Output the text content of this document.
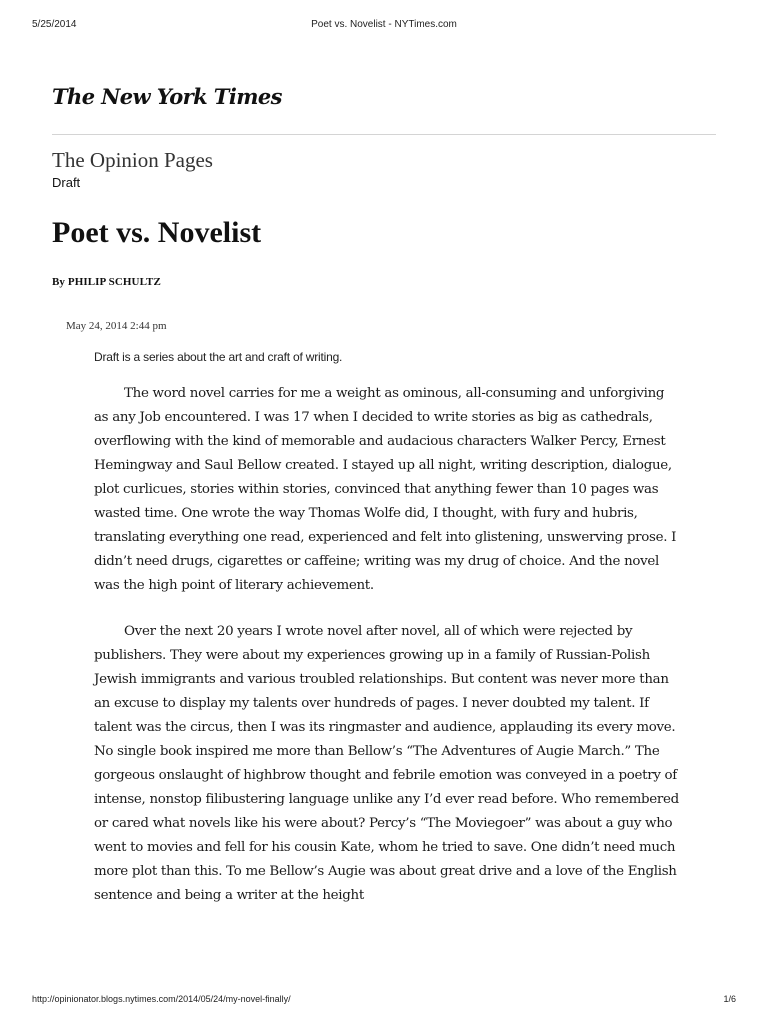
5/25/2014	Poet vs. Novelist - NYTimes.com
The New York Times
The Opinion Pages
Draft
Poet vs. Novelist
By PHILIP SCHULTZ
May 24, 2014 2:44 pm

Draft is a series about the art and craft of writing.

The word novel carries for me a weight as ominous, all-consuming and unforgiving as any Job encountered. I was 17 when I decided to write stories as big as cathedrals, overflowing with the kind of memorable and audacious characters Walker Percy, Ernest Hemingway and Saul Bellow created. I stayed up all night, writing description, dialogue, plot curlicues, stories within stories, convinced that anything fewer than 10 pages was wasted time. One wrote the way Thomas Wolfe did, I thought, with fury and hubris, translating everything one read, experienced and felt into glistening, unswerving prose. I didn’t need drugs, cigarettes or caffeine; writing was my drug of choice. And the novel was the high point of literary achievement.

Over the next 20 years I wrote novel after novel, all of which were rejected by publishers. They were about my experiences growing up in a family of Russian-Polish Jewish immigrants and various troubled relationships. But content was never more than an excuse to display my talents over hundreds of pages. I never doubted my talent. If talent was the circus, then I was its ringmaster and audience, applauding its every move. No single book inspired me more than Bellow’s “The Adventures of Augie March.” The gorgeous onslaught of highbrow thought and febrile emotion was conveyed in a poetry of intense, nonstop filibustering language unlike any I’d ever read before. Who remembered or cared what novels like his were about? Percy’s “The Moviegoer” was about a guy who went to movies and fell for his cousin Kate, whom he tried to save. One didn’t need much more plot than this. To me Bellow’s Augie was about great drive and a love of the English sentence and being a writer at the height

http://opinionator.blogs.nytimes.com/2014/05/24/my-novel-finally/	1/6
